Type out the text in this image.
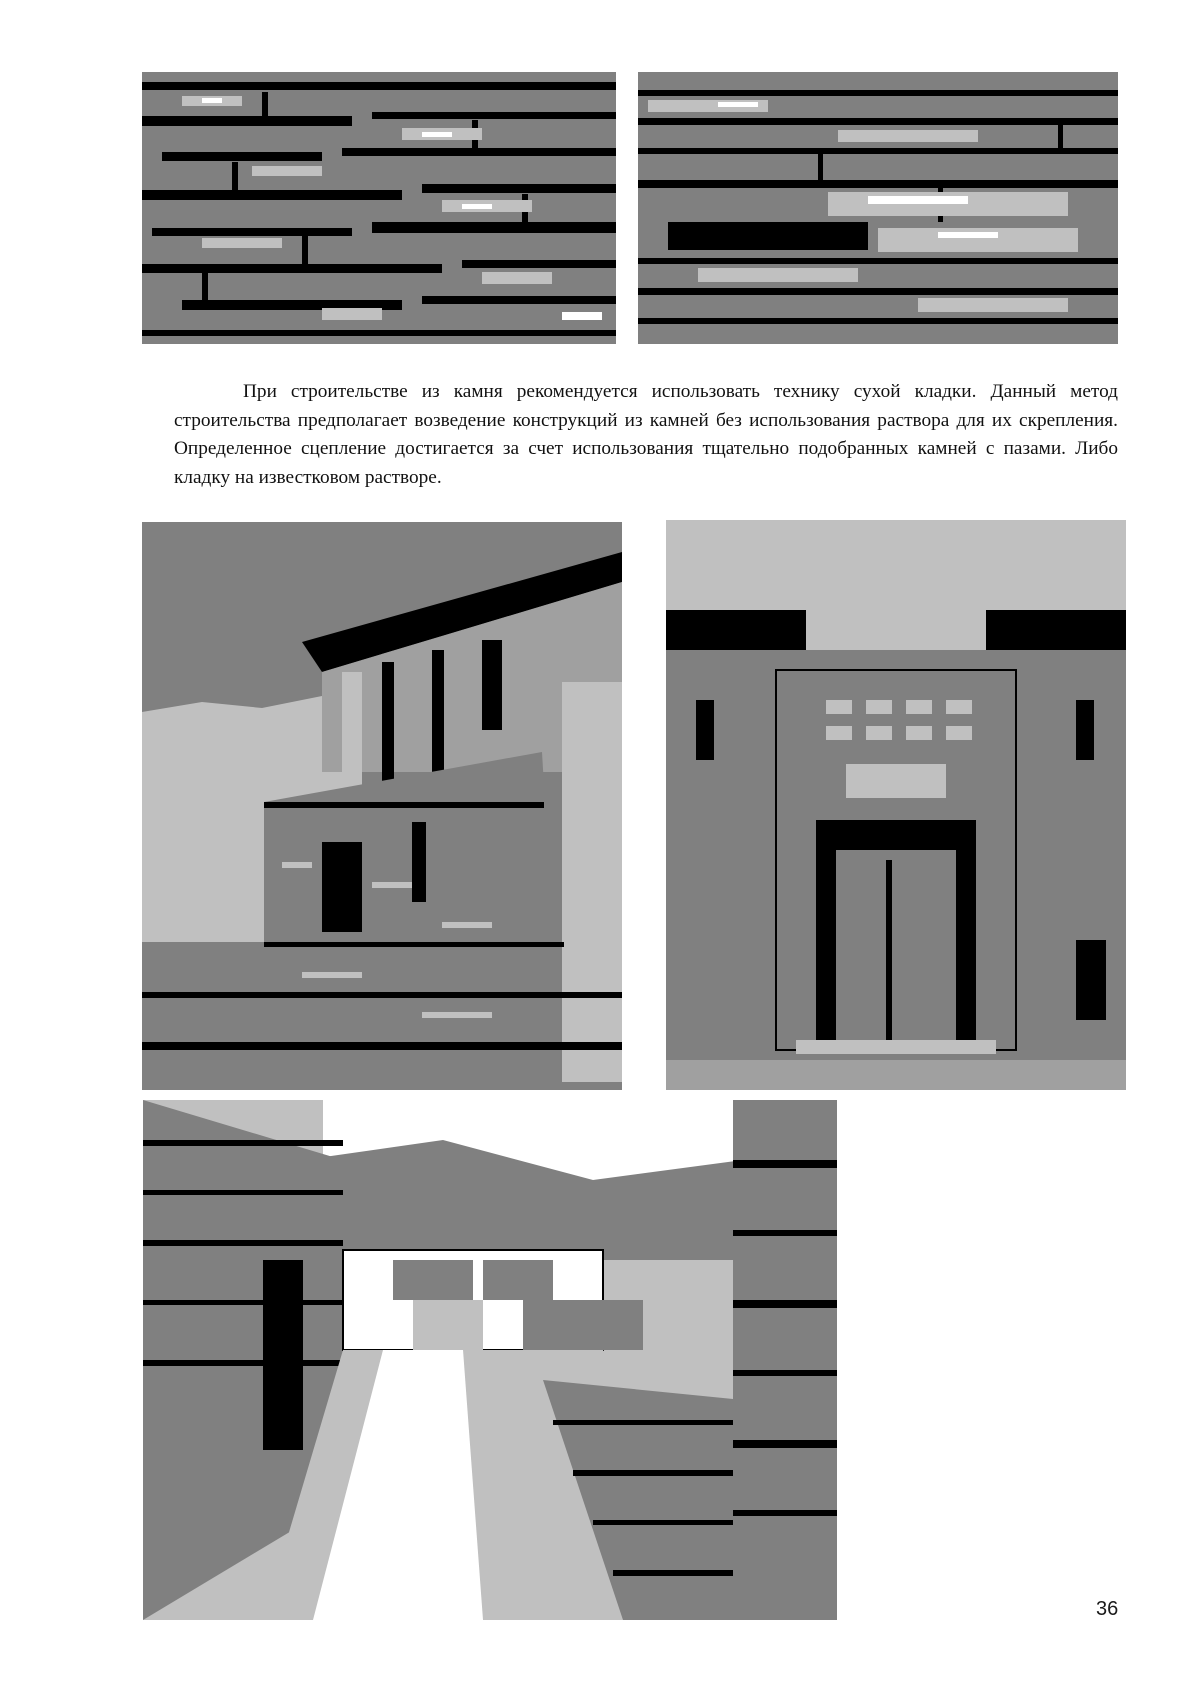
При строительстве из камня рекомендуется использовать технику сухой кладки. Данный метод строительства предполагает возведение конструкций из камней без использования раствора для их скрепления. Определенное сцепление достигается за счет использования тщательно подобранных камней с пазами. Либо кладку на известковом растворе.

36
